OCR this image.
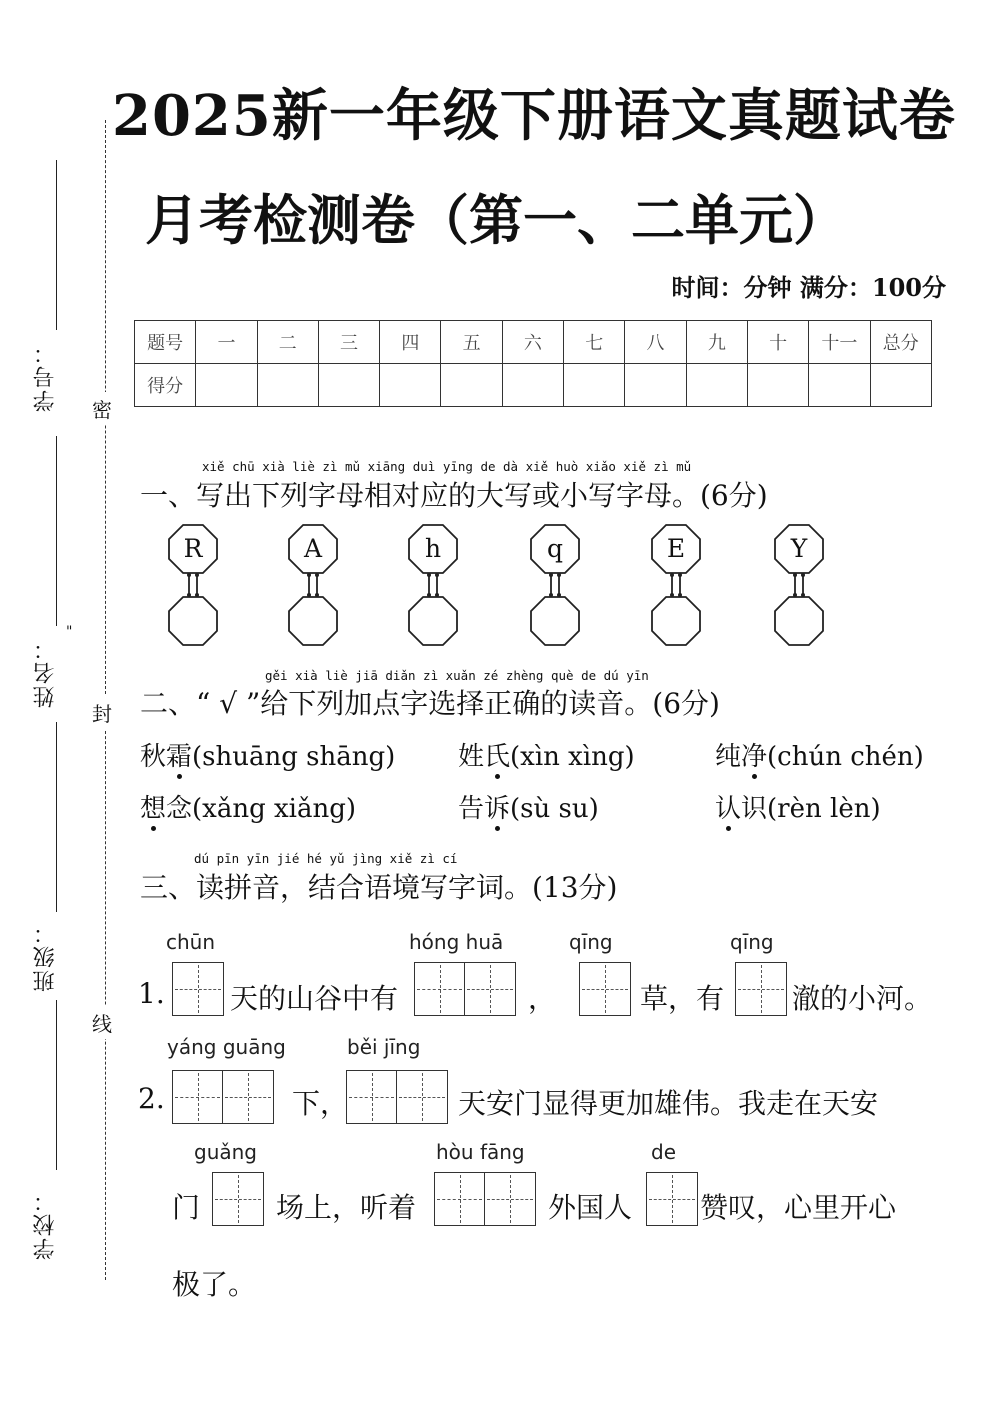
学号：
姓名：
"
班级：
学校：
密
封
线
2025新一年级下册语文真题试卷
月考检测卷（第一、二单元）
时间：分钟 满分：100分
题号	一	二	三	四	五	六	七	八	九	十	十一	总分
得分												
xiě chū xià liè zì mǔ xiāng duì yīng de dà xiě huò xiǎo xiě zì mǔ
一、写出下列字母相对应的大写或小写字母。(6分)
R	A	h	q	E	Y
gěi xià liè jiā diǎn zì xuǎn zé zhèng què de dú yīn
二、“ √ ”给下列加点字选择正确的读音。(6分)
秋霜(shuāng shāng) 姓氏(xìn xìng)	纯净(chún chén)
想念(xǎng xiǎng)	告诉(sù su)	认识(rèn lèn)
dú pīn yīn jié hé yǔ jìng xiě zì cí
三、读拼音，结合语境写字词。(13分)
chūn	hóng huā	qīng	qīng
1. 天的山谷中有	，	草，有 澈的小河。
yáng guāng	běi jīng
2.	下，	天安门显得更加雄伟。我走在天安
guǎng	hòu fāng	de
门	场上，听着	外国人 赞叹，心里开心
极了。
